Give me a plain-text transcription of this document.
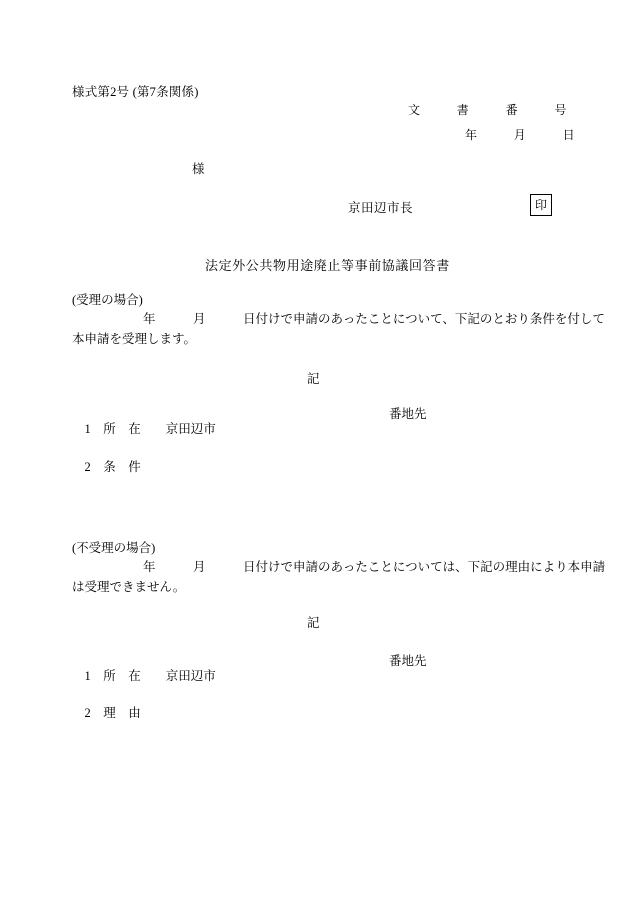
様式第2号 (第7条関係)
文　　　書　　　番　　　号
年　　　月　　　日
様
京田辺市長	印
法定外公共物用途廃止等事前協議回答書
(受理の場合)
年　　　月　　　日付けで申請のあったことについて、下記のとおり条件を付して
本申請を受理します。
記

1　 所　在　　 京田辺市

番地先

2　 条　件

(不受理の場合)
年　　　月　　　日付けで申請のあったことについては、下記の理由により本申請
は受理できません。
記

1　 所　在　　 京田辺市

番地先

2　 理　由
